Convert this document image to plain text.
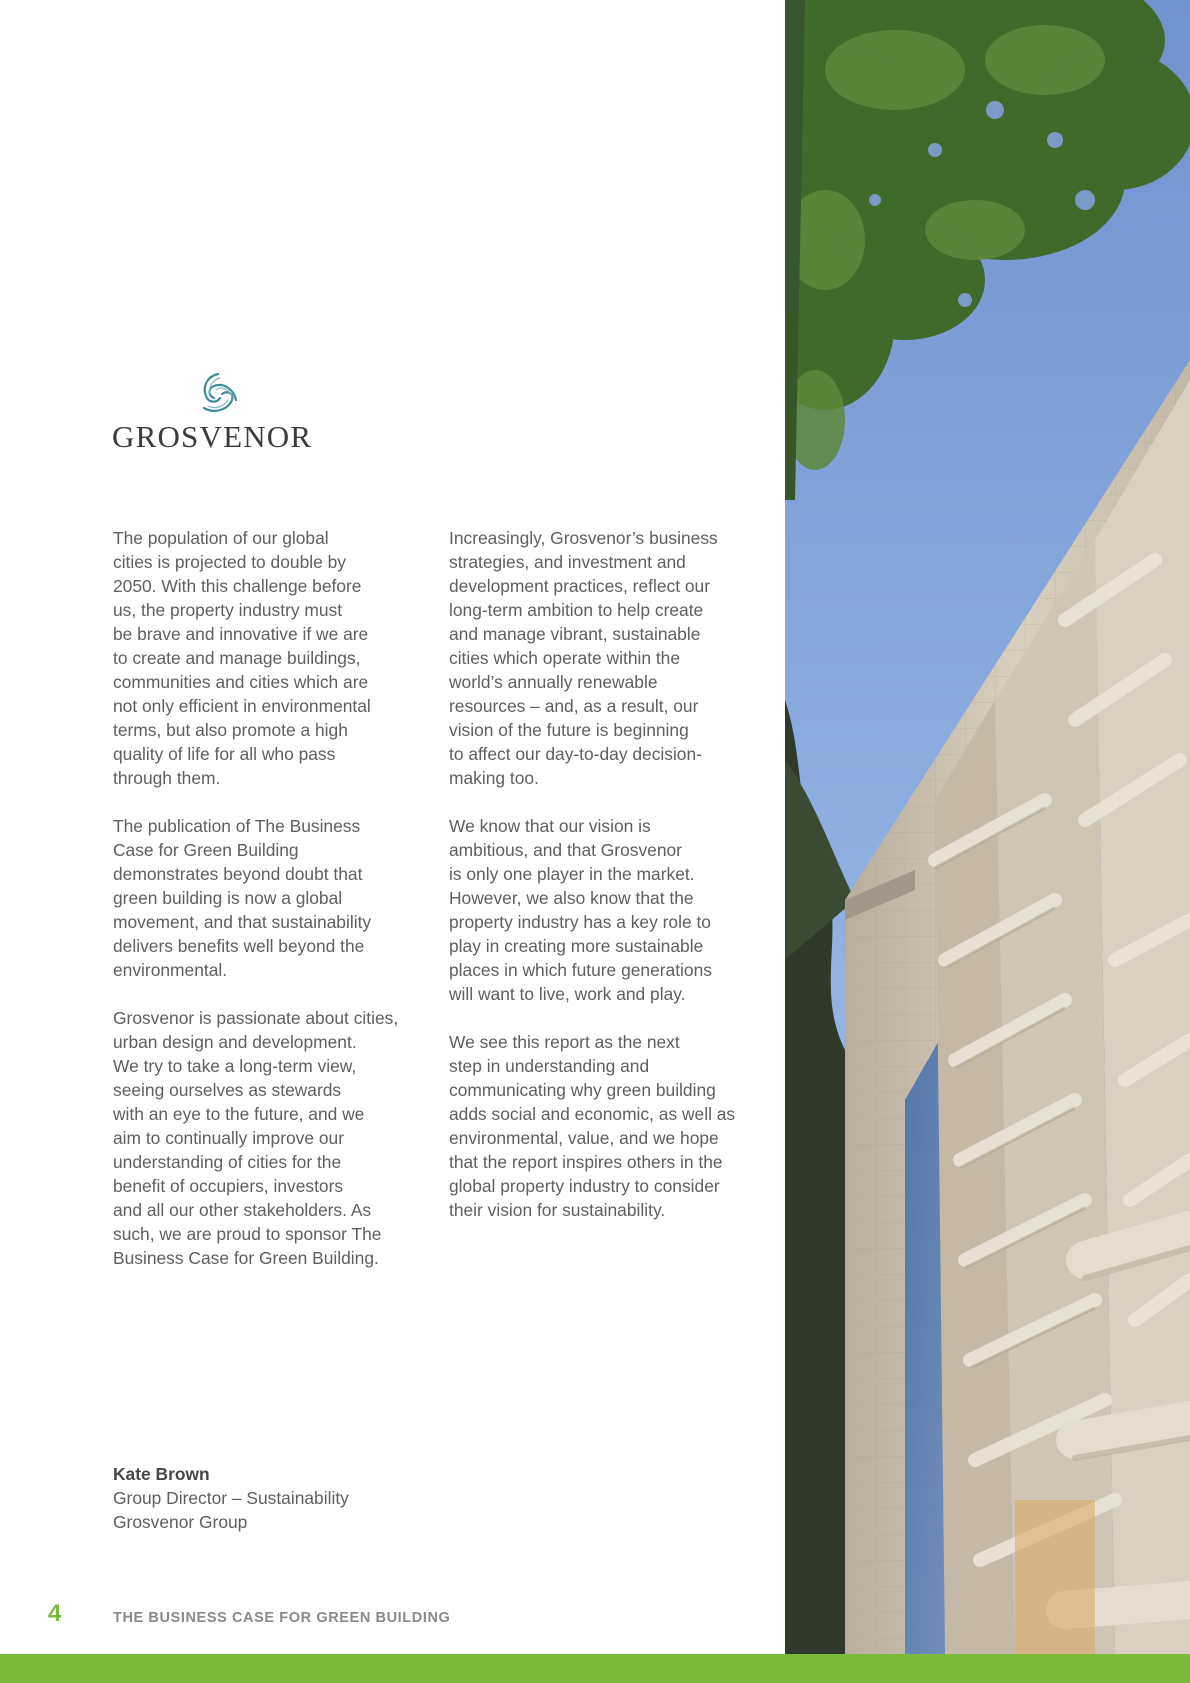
GROSVENOR

The population of our global
cities is projected to double by
2050. With this challenge before
us, the property industry must
be brave and innovative if we are
to create and manage buildings,
communities and cities which are
not only efficient in environmental
terms, but also promote a high
quality of life for all who pass
through them.

The publication of The Business
Case for Green Building
demonstrates beyond doubt that
green building is now a global
movement, and that sustainability
delivers benefits well beyond the
environmental.

Grosvenor is passionate about cities,
urban design and development.
We try to take a long-term view,
seeing ourselves as stewards
with an eye to the future, and we
aim to continually improve our
understanding of cities for the
benefit of occupiers, investors
and all our other stakeholders. As
such, we are proud to sponsor The
Business Case for Green Building.

Increasingly, Grosvenor’s business
strategies, and investment and
development practices, reflect our
long-term ambition to help create
and manage vibrant, sustainable
cities which operate within the
world’s annually renewable
resources – and, as a result, our
vision of the future is beginning
to affect our day-to-day decision-
making too.

We know that our vision is
ambitious, and that Grosvenor
is only one player in the market.
However, we also know that the
property industry has a key role to
play in creating more sustainable
places in which future generations
will want to live, work and play.

We see this report as the next
step in understanding and
communicating why green building
adds social and economic, as well as
environmental, value, and we hope
that the report inspires others in the
global property industry to consider
their vision for sustainability.

Kate Brown
Group Director – Sustainability
Grosvenor Group
4	THE BUSINESS CASE FOR GREEN BUILDING
